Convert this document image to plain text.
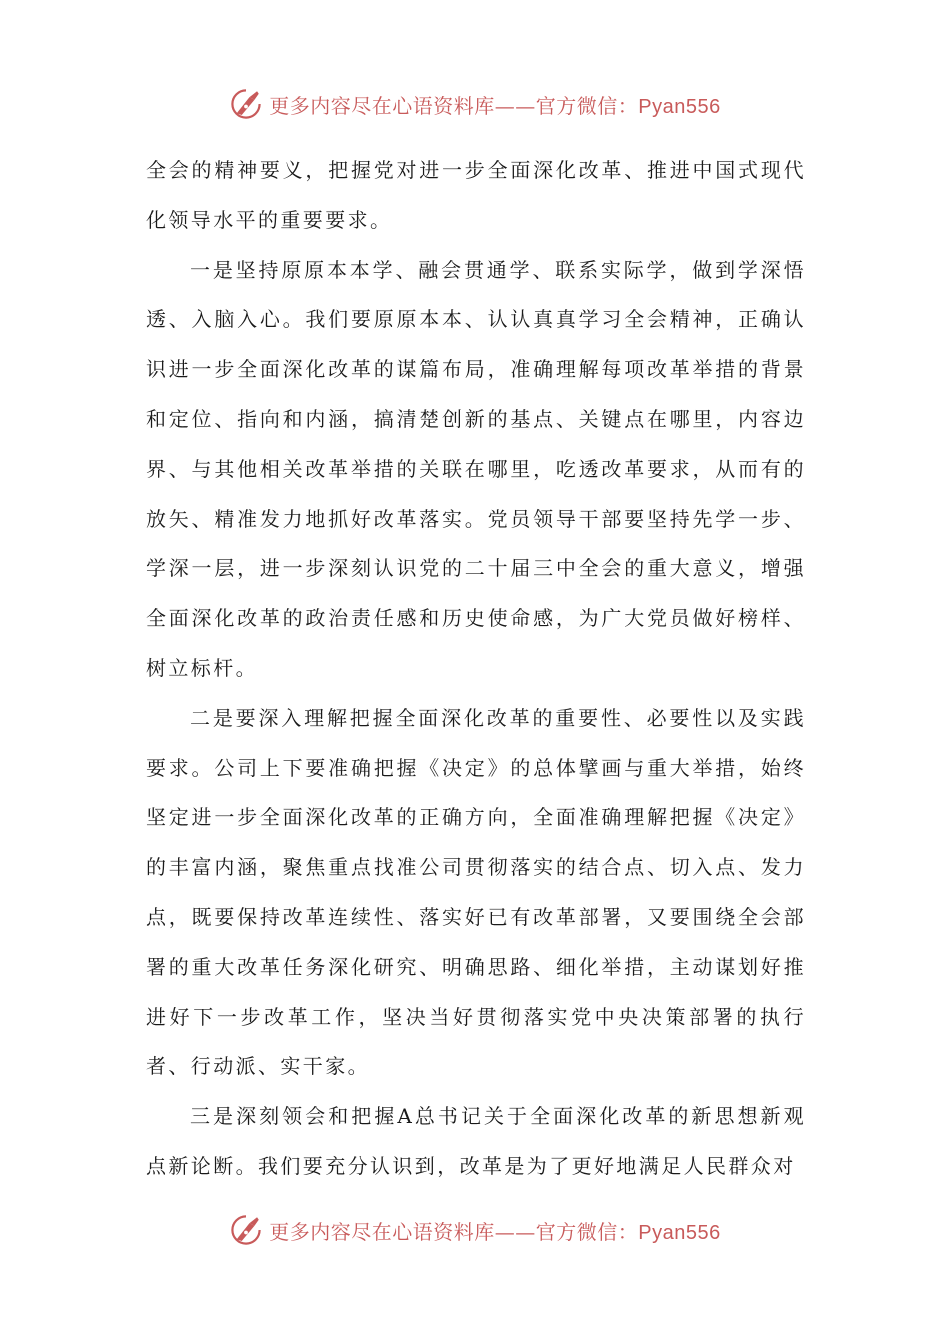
更多内容尽在心语资料库——官方微信：Pyan556

全会的精神要义，把握党对进一步全面深化改革、推进中国式现代化领导水平的重要要求。

一是坚持原原本本学、融会贯通学、联系实际学，做到学深悟透、入脑入心。我们要原原本本、认认真真学习全会精神，正确认识进一步全面深化改革的谋篇布局，准确理解每项改革举措的背景和定位、指向和内涵，搞清楚创新的基点、关键点在哪里，内容边界、与其他相关改革举措的关联在哪里，吃透改革要求，从而有的放矢、精准发力地抓好改革落实。党员领导干部要坚持先学一步、学深一层，进一步深刻认识党的二十届三中全会的重大意义，增强全面深化改革的政治责任感和历史使命感，为广大党员做好榜样、树立标杆。

二是要深入理解把握全面深化改革的重要性、必要性以及实践要求。公司上下要准确把握《决定》的总体擘画与重大举措，始终坚定进一步全面深化改革的正确方向，全面准确理解把握《决定》的丰富内涵，聚焦重点找准公司贯彻落实的结合点、切入点、发力点，既要保持改革连续性、落实好已有改革部署，又要围绕全会部署的重大改革任务深化研究、明确思路、细化举措，主动谋划好推进好下一步改革工作，坚决当好贯彻落实党中央决策部署的执行者、行动派、实干家。

三是深刻领会和把握A总书记关于全面深化改革的新思想新观点新论断。我们要充分认识到，改革是为了更好地满足人民群众对

更多内容尽在心语资料库——官方微信：Pyan556
